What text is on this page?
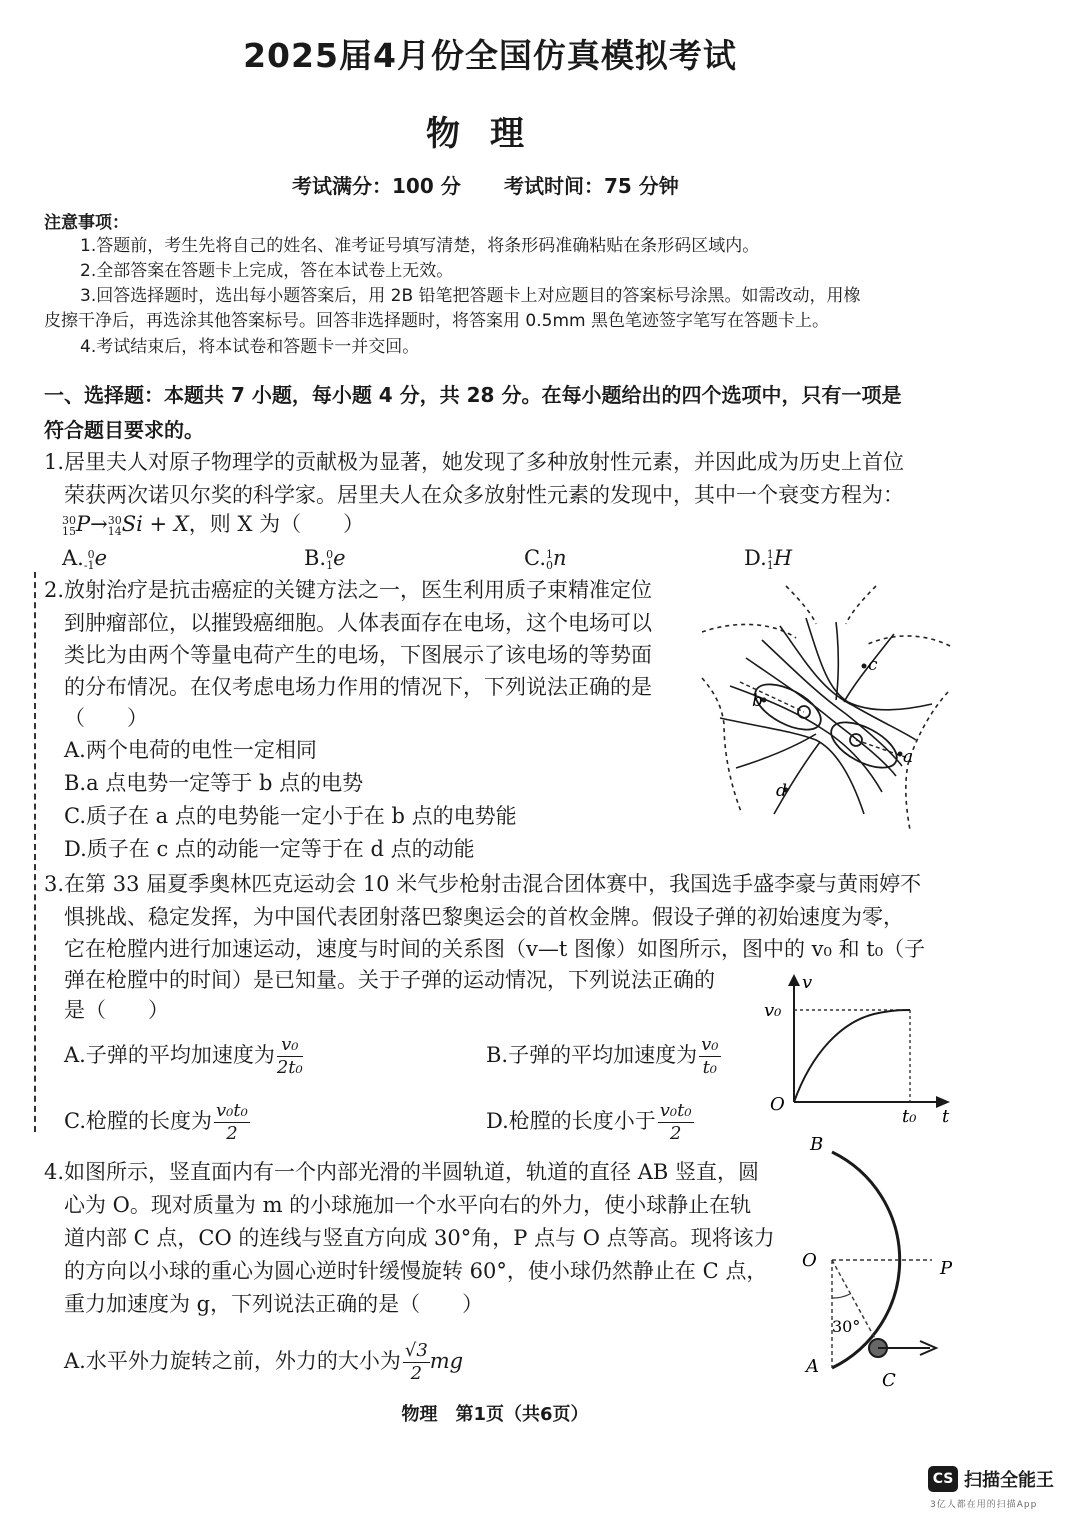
2025届4月份全国仿真模拟考试
物理
考试满分：100 分 考试时间：75 分钟
注意事项：
1.答题前，考生先将自己的姓名、准考证号填写清楚，将条形码准确粘贴在条形码区域内。
2.全部答案在答题卡上完成，答在本试卷上无效。
3.回答选择题时，选出每小题答案后，用 2B 铅笔把答题卡上对应题目的答案标号涂黑。如需改动，用橡
皮擦干净后，再选涂其他答案标号。回答非选择题时，将答案用 0.5mm 黑色笔迹签字笔写在答题卡上。
4.考试结束后，将本试卷和答题卡一并交回。
一、选择题：本题共 7 小题，每小题 4 分，共 28 分。在每小题给出的四个选项中，只有一项是
符合题目要求的。
1.居里夫人对原子物理学的贡献极为显著，她发现了多种放射性元素，并因此成为历史上首位
荣获两次诺贝尔奖的科学家。居里夫人在众多放射性元素的发现中，其中一个衰变方程为：
30
15 P→ 30
14 Si + X，则 X 为（　　）
A. 0
-1 e	B. 0
1 e	C. 1
0 n	D. 1
1 H
2.放射治疗是抗击癌症的关键方法之一，医生利用质子束精准定位
到肿瘤部位，以摧毁癌细胞。人体表面存在电场，这个电场可以
类比为由两个等量电荷产生的电场，下图展示了该电场的等势面
的分布情况。在仅考虑电场力作用的情况下，下列说法正确的是
（　　）
A.两个电荷的电性一定相同
B.a 点电势一定等于 b 点的电势
C.质子在 a 点的电势能一定小于在 b 点的电势能
D.质子在 c 点的动能一定等于在 d 点的动能
a
b
c
d
3.在第 33 届夏季奥林匹克运动会 10 米气步枪射击混合团体赛中，我国选手盛李豪与黄雨婷不
惧挑战、稳定发挥，为中国代表团射落巴黎奥运会的首枚金牌。假设子弹的初始速度为零，
它在枪膛内进行加速运动，速度与时间的关系图（v—t 图像）如图所示，图中的 v₀ 和 t₀（子
弹在枪膛中的时间）是已知量。关于子弹的运动情况，下列说法正确的
是（　　）
A.子弹的平均加速度为 $\frac{\text{v₀}}{\text{2t₀}}$	B.子弹的平均加速度为 $\frac{\text{v₀}}{\text{t₀}}$
C.枪膛的长度为 $\frac{\text{v₀t₀}}{2}$	D.枪膛的长度小于 $\frac{\text{v₀t₀}}{2}$
v
v₀
O
t₀ t
4.如图所示，竖直面内有一个内部光滑的半圆轨道，轨道的直径 AB 竖直，圆
心为 O。现对质量为 m 的小球施加一个水平向右的外力，使小球静止在轨
道内部 C 点，CO 的连线与竖直方向成 30°角，P 点与 O 点等高。现将该力
的方向以小球的重心为圆心逆时针缓慢旋转 60°，使小球仍然静止在 C 点，
重力加速度为 g，下列说法正确的是（　　）
A.水平外力旋转之前，外力的大小为 $\frac{√3}{2}$ mg
B
O	P
30°
A
C
物理　第1页（共6页）
CS 扫描全能王
3亿人都在用的扫描App
